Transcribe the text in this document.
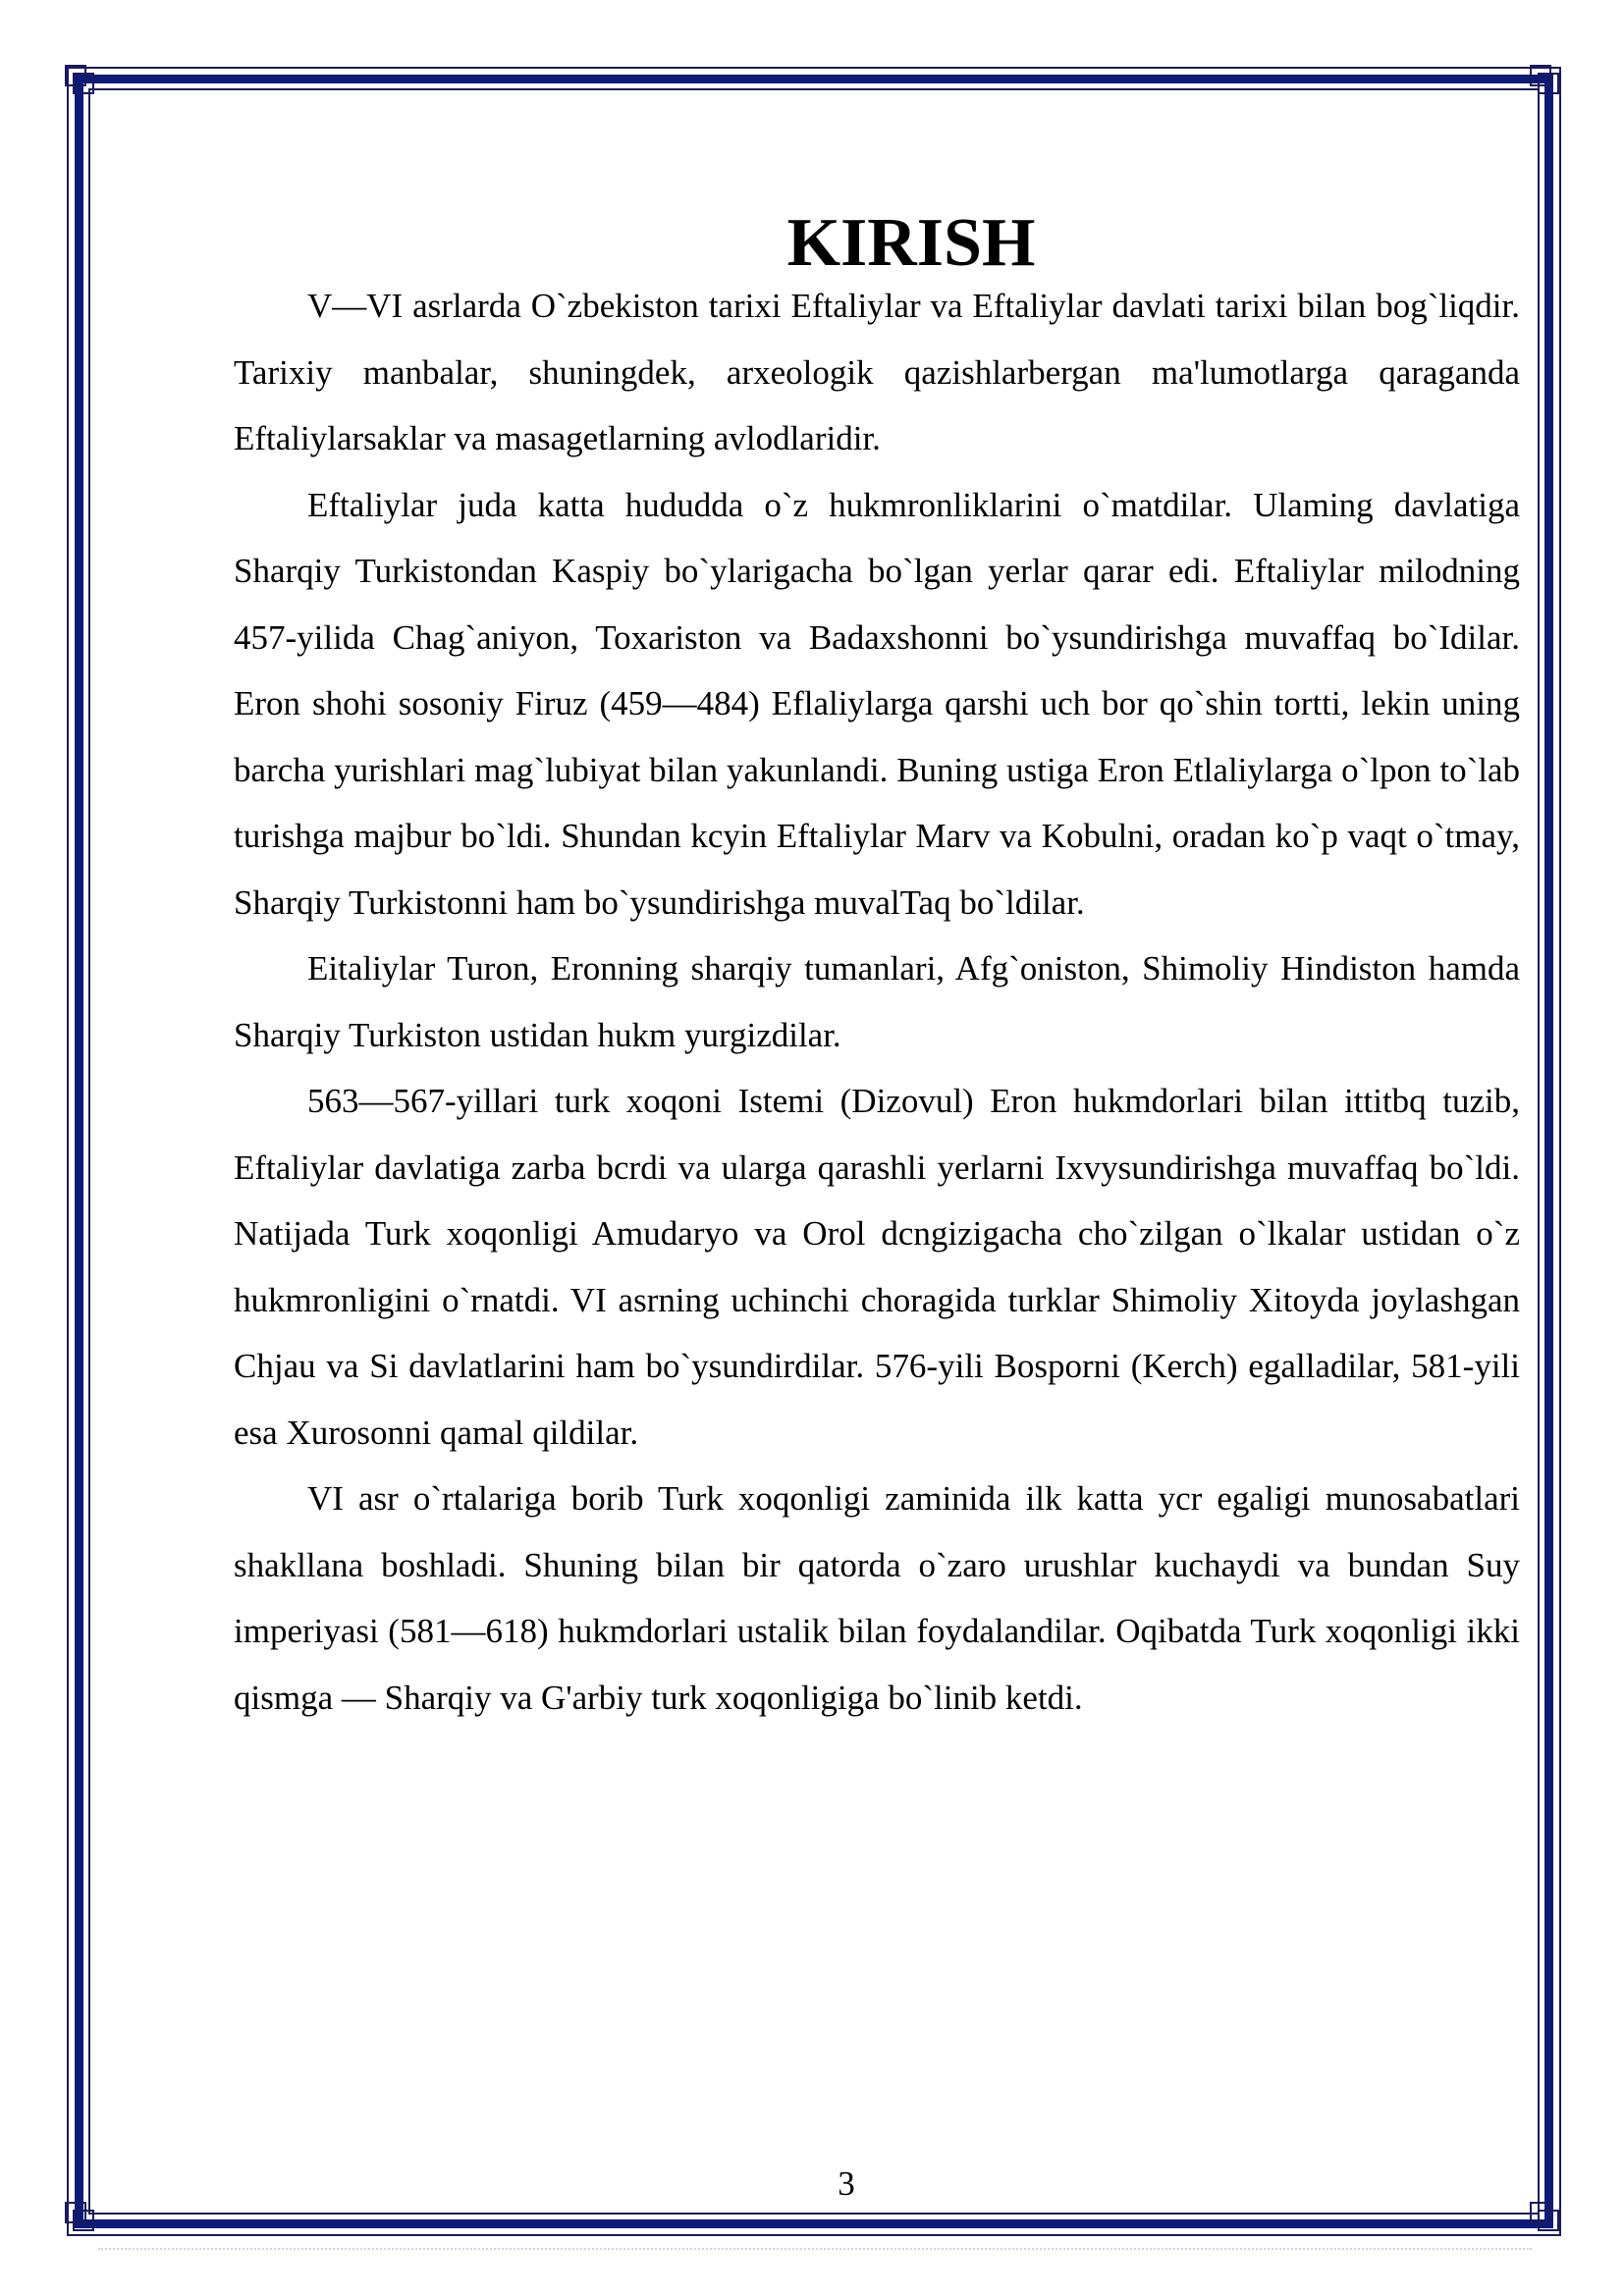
KIRISH

V—VI asrlarda O`zbekiston tarixi Eftaliylar va Eftaliylar davlati tarixi bilan bog`liqdir. Tarixiy manbalar, shuningdek, arxeologik qazishlarbergan ma'lumotlarga qaraganda Eftaliylarsaklar va masagetlarning avlodlaridir.

Eftaliylar juda katta hududda o`z hukmronliklarini o`matdilar. Ulaming davlatiga Sharqiy Turkistondan Kaspiy bo`ylarigacha bo`lgan yerlar qarar edi. Eftaliylar milodning 457-yilida Chag`aniyon, Toxariston va Badaxshonni bo`ysundirishga muvaffaq bo`Idilar. Eron shohi sosoniy Firuz (459—484) Eflaliylarga qarshi uch bor qo`shin tortti, lekin uning barcha yurishlari mag`lubiyat bilan yakunlandi. Buning ustiga Eron Etlaliylarga o`lpon to`lab turishga majbur bo`ldi. Shundan kcyin Eftaliylar Marv va Kobulni, oradan ko`p vaqt o`tmay, Sharqiy Turkistonni ham bo`ysundirishga muvalTaq bo`ldilar.

Eitaliylar Turon, Eronning sharqiy tumanlari, Afg`oniston, Shimoliy Hindiston hamda Sharqiy Turkiston ustidan hukm yurgizdilar.

563—567-yillari turk xoqoni Istemi (Dizovul) Eron hukmdorlari bilan ittitbq tuzib, Eftaliylar davlatiga zarba bcrdi va ularga qarashli yerlarni Ixvysundirishga muvaffaq bo`ldi. Natijada Turk xoqonligi Amudaryo va Orol dcngizigacha cho`zilgan o`lkalar ustidan o`z hukmronligini o`rnatdi. VI asrning uchinchi choragida turklar Shimoliy Xitoyda joylashgan Chjau va Si davlatlarini ham bo`ysundirdilar. 576-yili Bosporni (Kerch) egalladilar, 581-yili esa Xurosonni qamal qildilar.

VI asr o`rtalariga borib Turk xoqonligi zaminida ilk katta ycr egaligi munosabatlari shakllana boshladi. Shuning bilan bir qatorda o`zaro urushlar kuchaydi va bundan Suy imperiyasi (581—618) hukmdorlari ustalik bilan foydalandilar. Oqibatda Turk xoqonligi ikki qismga — Sharqiy va G'arbiy turk xoqonligiga bo`linib ketdi.

3
